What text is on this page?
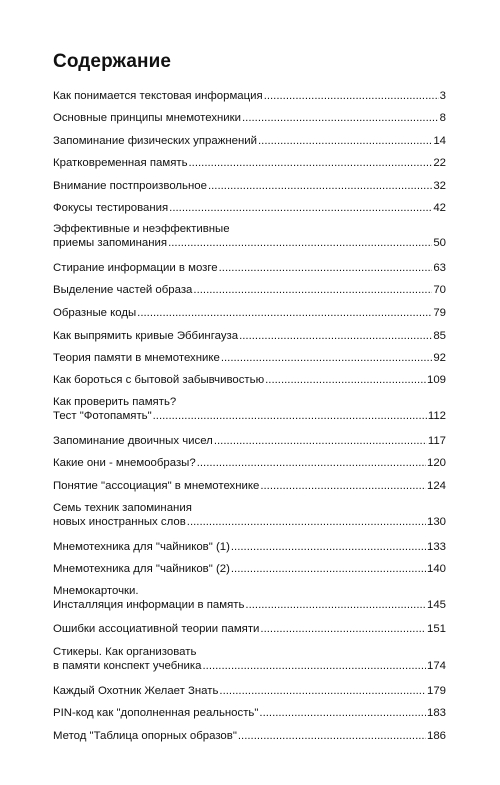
Содержание
Как понимается текстовая информация .....	3
Основные принципы мнемотехники .....	8
Запоминание физических упражнений .....	14
Кратковременная память .....	22
Внимание постпроизвольное .....	32
Фокусы тестирования .....	42
Эффективные и неэффективные
приемы запоминания .....	50
Стирание информации в мозге .....	63
Выделение частей образа .....	70
Образные коды .....	79
Как выпрямить кривые Эббингауза .....	85
Теория памяти в мнемотехнике .....	92
Как бороться с бытовой забывчивостью .....	109
Как проверить память?
Тест "Фотопамять" .....	112
Запоминание двоичных чисел .....	117
Какие они - мнемообразы? .....	120
Понятие "ассоциация" в мнемотехнике .....	124
Семь техник запоминания
новых иностранных слов .....	130
Мнемотехника для "чайников" (1) .....	133
Мнемотехника для "чайников" (2) .....	140
Мнемокарточки.
Инсталляция информации в память .....	145
Ошибки ассоциативной теории памяти .....	151
Стикеры. Как организовать
в памяти конспект учебника .....	174
Каждый Охотник Желает Знать .....	179
PIN-код как "дополненная реальность" .....	183
Метод "Таблица опорных образов" .....	186
